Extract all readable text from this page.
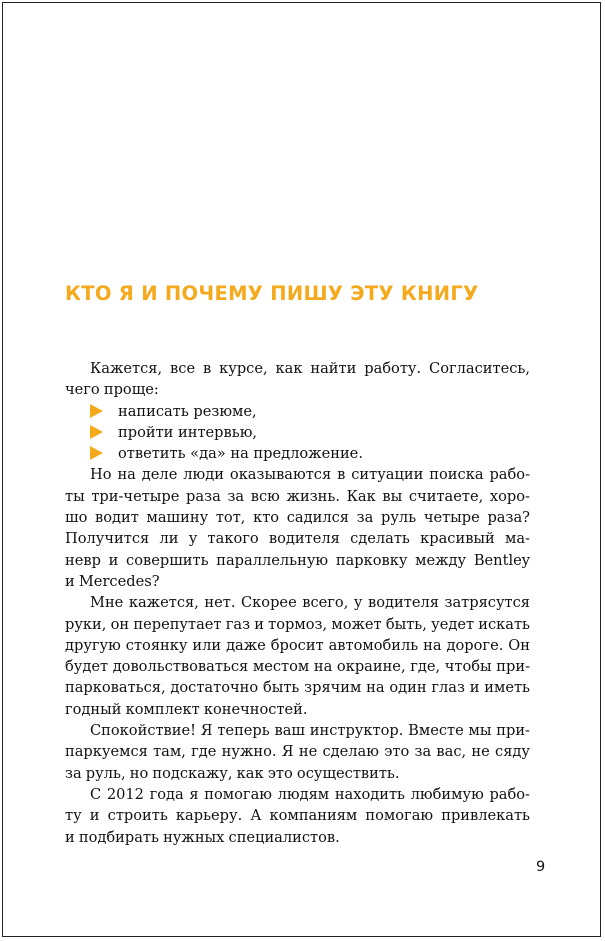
КТО Я И ПОЧЕМУ ПИШУ ЭТУ КНИГУ
Кажется, все в курсе, как найти работу. Согласитесь,
чего проще:
написать резюме,
пройти интервью,
ответить «да» на предложение.
Но на деле люди оказываются в ситуации поиска рабо-
ты три-четыре раза за всю жизнь. Как вы считаете, хоро-
шо водит машину тот, кто садился за руль четыре раза?
Получится ли у такого водителя сделать красивый ма-
невр и совершить параллельную парковку между Bentley
и Mercedes?
Мне кажется, нет. Скорее всего, у водителя затрясутся
руки, он перепутает газ и тормоз, может быть, уедет искать
другую стоянку или даже бросит автомобиль на дороге. Он
будет довольствоваться местом на окраине, где, чтобы при-
парковаться, достаточно быть зрячим на один глаз и иметь
годный комплект конечностей.
Спокойствие! Я теперь ваш инструктор. Вместе мы при-
паркуемся там, где нужно. Я не сделаю это за вас, не сяду
за руль, но подскажу, как это осуществить.
С 2012 года я помогаю людям находить любимую рабо-
ту и строить карьеру. А компаниям помогаю привлекать
и подбирать нужных специалистов.
9
